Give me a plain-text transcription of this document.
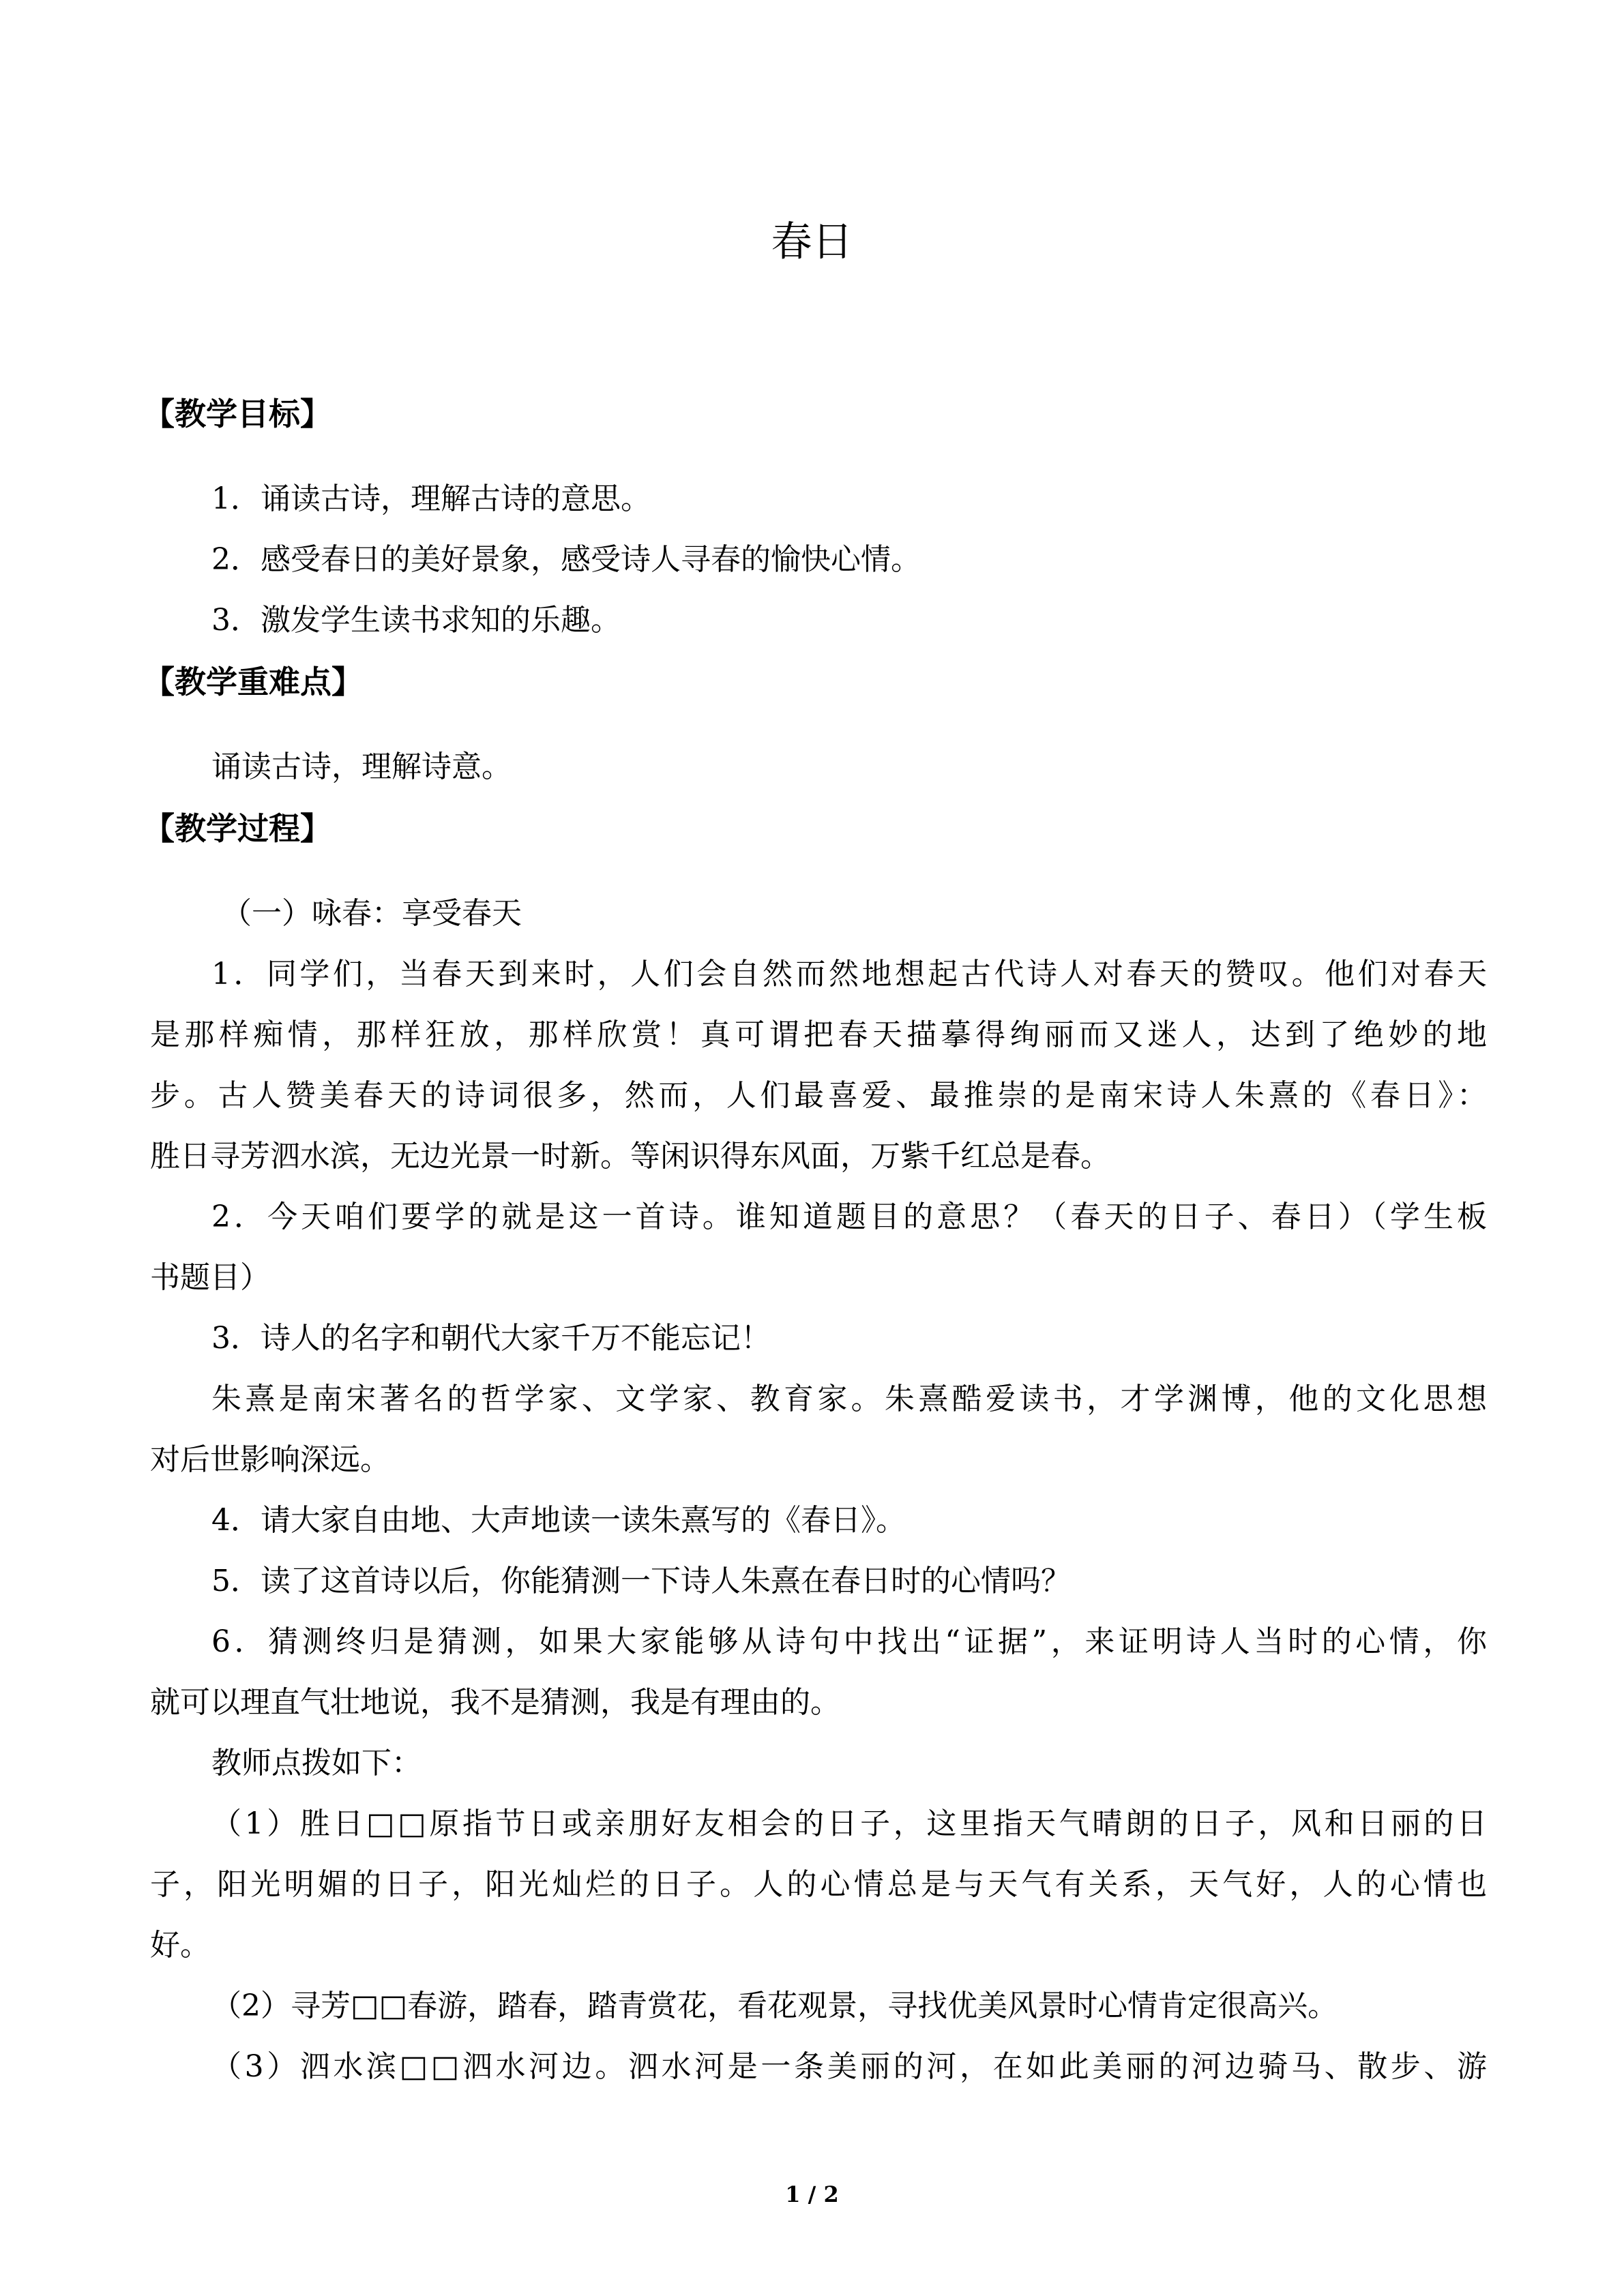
春日
【教学目标】
1．诵读古诗，理解古诗的意思。
2．感受春日的美好景象，感受诗人寻春的愉快心情。
3．激发学生读书求知的乐趣。
【教学重难点】
诵读古诗，理解诗意。
【教学过程】
（一）咏春：享受春天
1．同学们，当春天到来时，人们会自然而然地想起古代诗人对春天的赞叹。他们对春天
是那样痴情，那样狂放，那样欣赏！真可谓把春天描摹得绚丽而又迷人，达到了绝妙的地
步。古人赞美春天的诗词很多，然而，人们最喜爱、最推崇的是南宋诗人朱熹的《春日》：
胜日寻芳泗水滨，无边光景一时新。等闲识得东风面，万紫千红总是春。
2．今天咱们要学的就是这一首诗。谁知道题目的意思？（春天的日子、春日）（学生板
书题目）
3．诗人的名字和朝代大家千万不能忘记！
朱熹是南宋著名的哲学家、文学家、教育家。朱熹酷爱读书，才学渊博，他的文化思想
对后世影响深远。
4．请大家自由地、大声地读一读朱熹写的《春日》。
5．读了这首诗以后，你能猜测一下诗人朱熹在春日时的心情吗？
6．猜测终归是猜测，如果大家能够从诗句中找出“证据”，来证明诗人当时的心情，你
就可以理直气壮地说，我不是猜测，我是有理由的。
教师点拨如下：
（1）胜日□□原指节日或亲朋好友相会的日子，这里指天气晴朗的日子，风和日丽的日
子，阳光明媚的日子，阳光灿烂的日子。人的心情总是与天气有关系，天气好，人的心情也
好。
（2）寻芳□□春游，踏春，踏青赏花，看花观景，寻找优美风景时心情肯定很高兴。
（3）泗水滨□□泗水河边。泗水河是一条美丽的河，在如此美丽的河边骑马、散步、游
1 / 2
